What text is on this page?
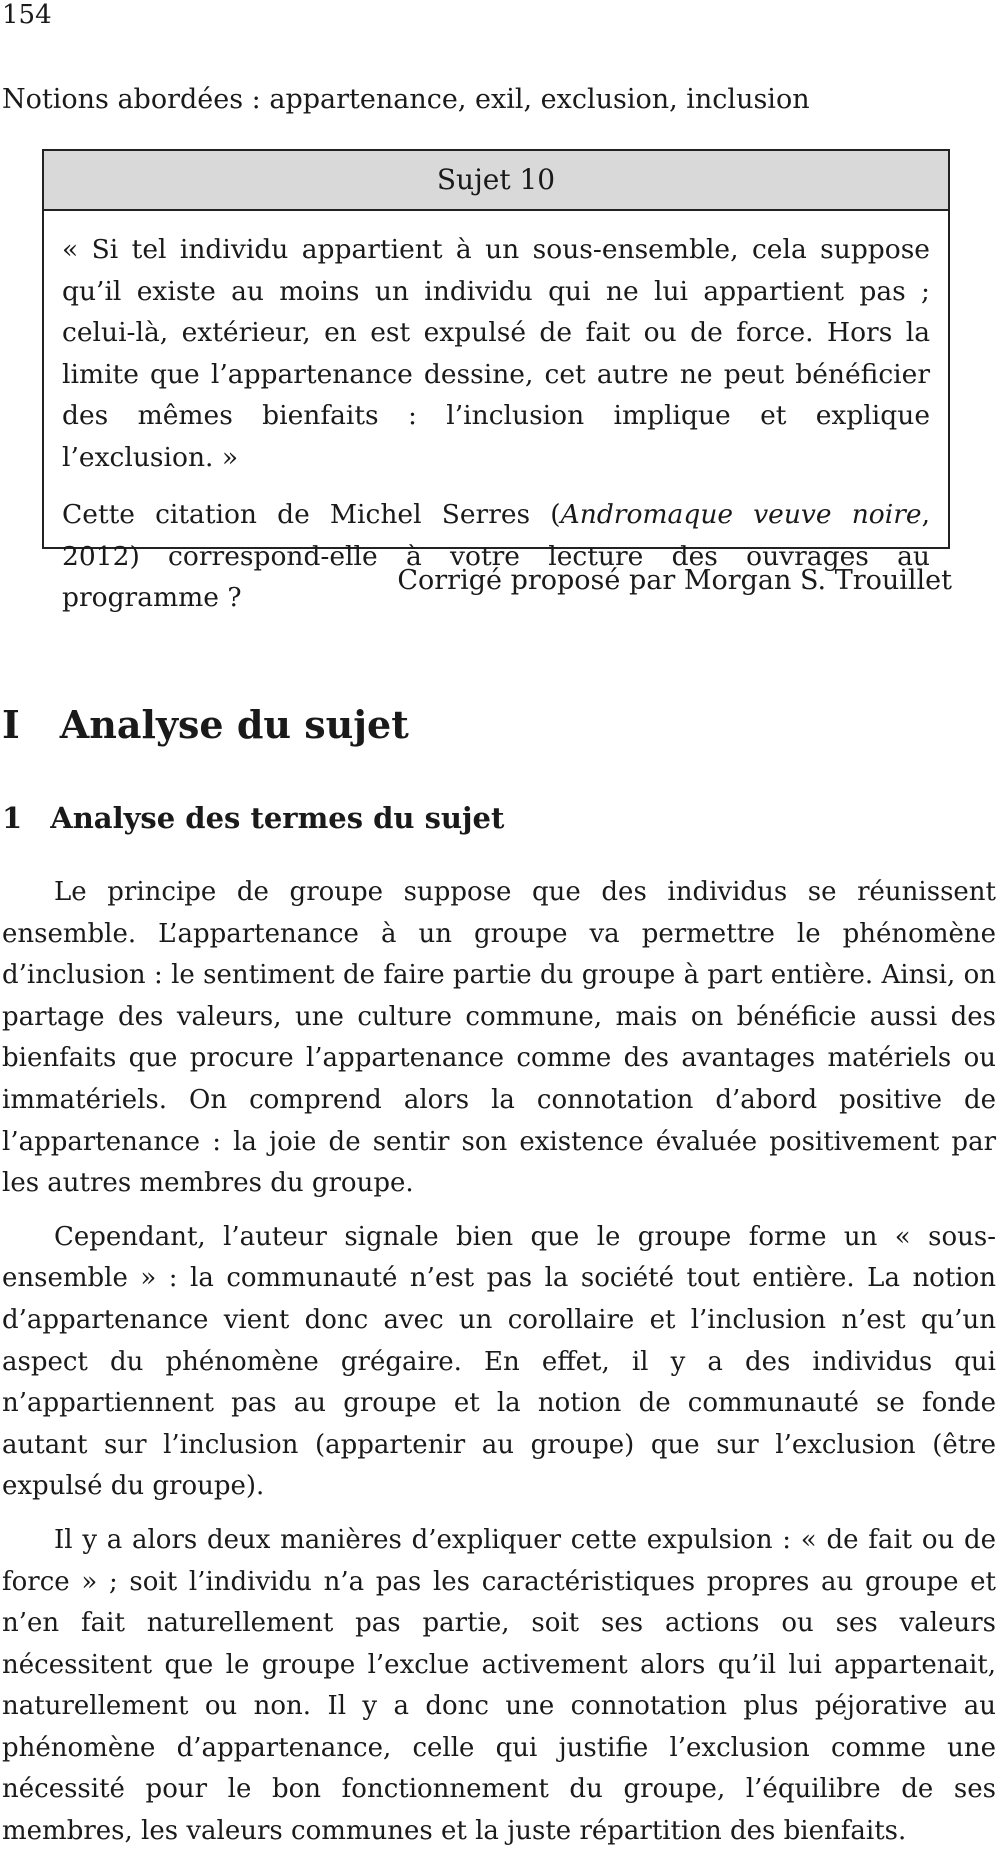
154
Notions abordées : appartenance, exil, exclusion, inclusion
Sujet 10

« Si tel individu appartient à un sous-ensemble, cela suppose qu’il existe au moins un individu qui ne lui appartient pas ; celui-là, extérieur, en est expulsé de fait ou de force. Hors la limite que l’appartenance dessine, cet autre ne peut bénéficier des mêmes bienfaits : l’inclusion implique et explique l’exclusion. »

Cette citation de Michel Serres (Andromaque veuve noire, 2012) correspond-elle à votre lecture des ouvrages au programme ?

Corrigé proposé par Morgan S. Trouillet
I Analyse du sujet
1 Analyse des termes du sujet

Le principe de groupe suppose que des individus se réunissent ensemble. L’appartenance à un groupe va permettre le phénomène d’inclusion : le sentiment de faire partie du groupe à part entière. Ainsi, on partage des valeurs, une culture commune, mais on bénéficie aussi des bienfaits que procure l’appartenance comme des avantages matériels ou immatériels. On comprend alors la connotation d’abord positive de l’appartenance : la joie de sentir son existence évaluée positivement par les autres membres du groupe.

Cependant, l’auteur signale bien que le groupe forme un « sous-ensemble » : la communauté n’est pas la société tout entière. La notion d’appartenance vient donc avec un corollaire et l’inclusion n’est qu’un aspect du phénomène grégaire. En effet, il y a des individus qui n’appartiennent pas au groupe et la notion de communauté se fonde autant sur l’inclusion (appartenir au groupe) que sur l’exclusion (être expulsé du groupe).

Il y a alors deux manières d’expliquer cette expulsion : « de fait ou de force » ; soit l’individu n’a pas les caractéristiques propres au groupe et n’en fait naturellement pas partie, soit ses actions ou ses valeurs nécessitent que le groupe l’exclue activement alors qu’il lui appartenait, naturellement ou non. Il y a donc une connotation plus péjorative au phénomène d’appartenance, celle qui justifie l’exclusion comme une nécessité pour le bon fonctionnement du groupe, l’équilibre de ses membres, les valeurs communes et la juste répartition des bienfaits.
